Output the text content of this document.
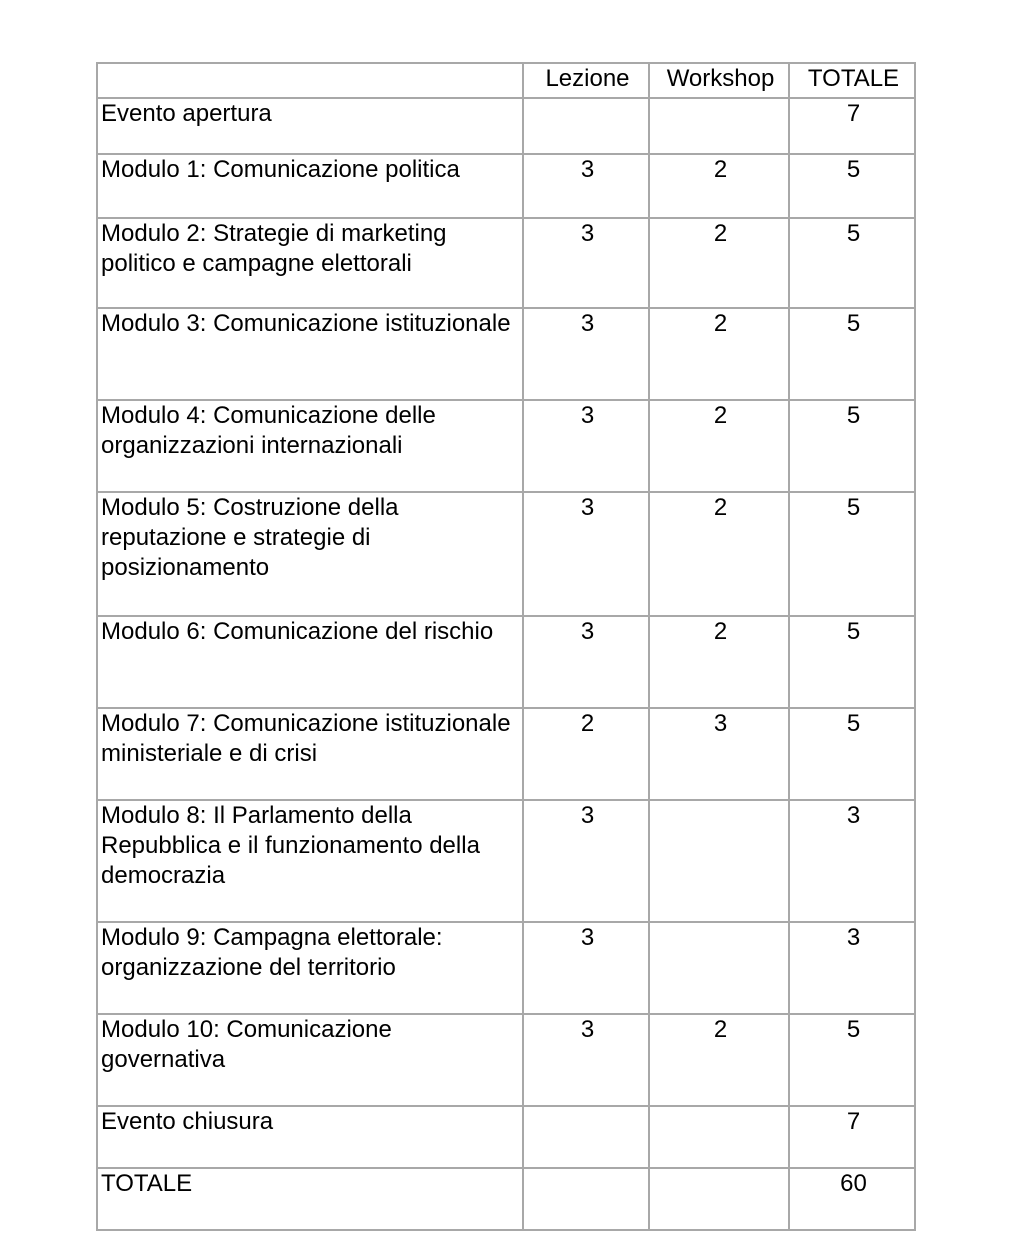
	Lezione	Workshop	TOTALE
Evento apertura			7
Modulo 1: Comunicazione politica	3	2	5
Modulo 2: Strategie di marketing politico e campagne elettorali	3	2	5
Modulo 3: Comunicazione istituzionale	3	2	5
Modulo 4: Comunicazione delle organizzazioni internazionali	3	2	5
Modulo 5: Costruzione della reputazione e strategie di posizionamento	3	2	5
Modulo 6: Comunicazione del rischio	3	2	5
Modulo 7: Comunicazione istituzionale ministeriale e di crisi	2	3	5
Modulo 8: Il Parlamento della Repubblica e il funzionamento della democrazia	3		3
Modulo 9: Campagna elettorale: organizzazione del territorio	3		3
Modulo 10: Comunicazione governativa	3	2	5
Evento chiusura			7
TOTALE			60
